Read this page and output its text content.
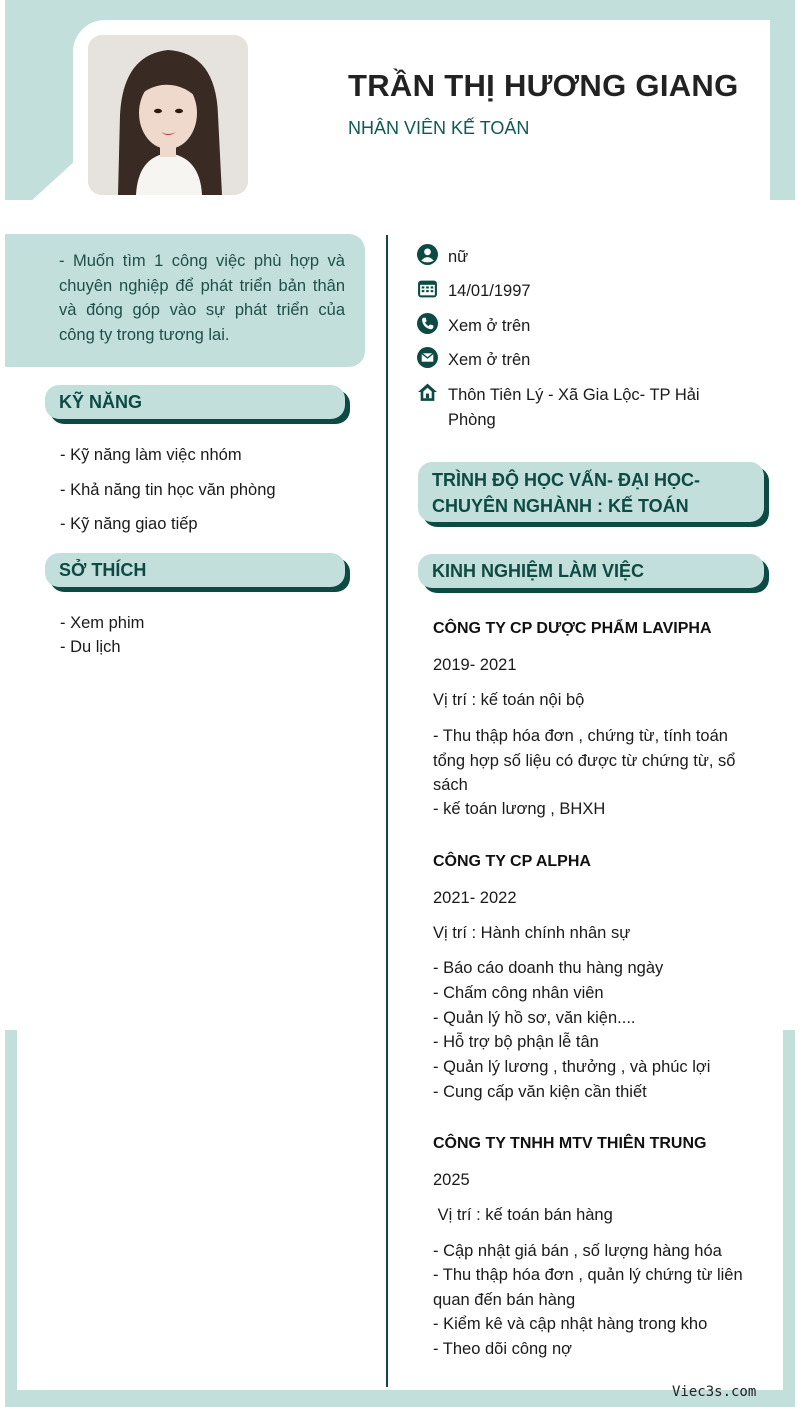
TRẦN THỊ HƯƠNG GIANG
NHÂN VIÊN KẾ TOÁN
- Muốn tìm 1 công việc phù hợp và chuyên nghiệp để phát triển bản thân và đóng góp vào sự phát triển của công ty trong tương lai.
KỸ NĂNG
- Kỹ năng làm việc nhóm
- Khả năng tin học văn phòng
- Kỹ năng giao tiếp
SỞ THÍCH
- Xem phim
- Du lịch
nữ
14/01/1997
Xem ở trên
Xem ở trên
Thôn Tiên Lý - Xã Gia Lộc- TP Hải Phòng
TRÌNH ĐỘ HỌC VẤN- ĐẠI HỌC-
CHUYÊN NGHÀNH : KẾ TOÁN
KINH NGHIỆM LÀM VIỆC
CÔNG TY CP DƯỢC PHẨM LAVIPHA
2019- 2021
Vị trí : kế toán nội bộ
- Thu thập hóa đơn , chứng từ, tính toán tổng hợp số liệu có được từ chứng từ, sổ sách
- kế toán lương , BHXH
CÔNG TY CP ALPHA
2021- 2022
Vị trí : Hành chính nhân sự
- Báo cáo doanh thu hàng ngày
- Chấm công nhân viên
- Quản lý hồ sơ, văn kiện....
- Hỗ trợ bộ phận lễ tân
- Quản lý lương , thưởng , và phúc lợi
- Cung cấp văn kiện cần thiết
CÔNG TY TNHH MTV THIÊN TRUNG
2025
Vị trí : kế toán bán hàng
- Cập nhật giá bán , số lượng hàng hóa
- Thu thập hóa đơn , quản lý chứng từ liên quan đến bán hàng
- Kiểm kê và cập nhật hàng trong kho
- Theo dõi công nợ
Viec3s.com
